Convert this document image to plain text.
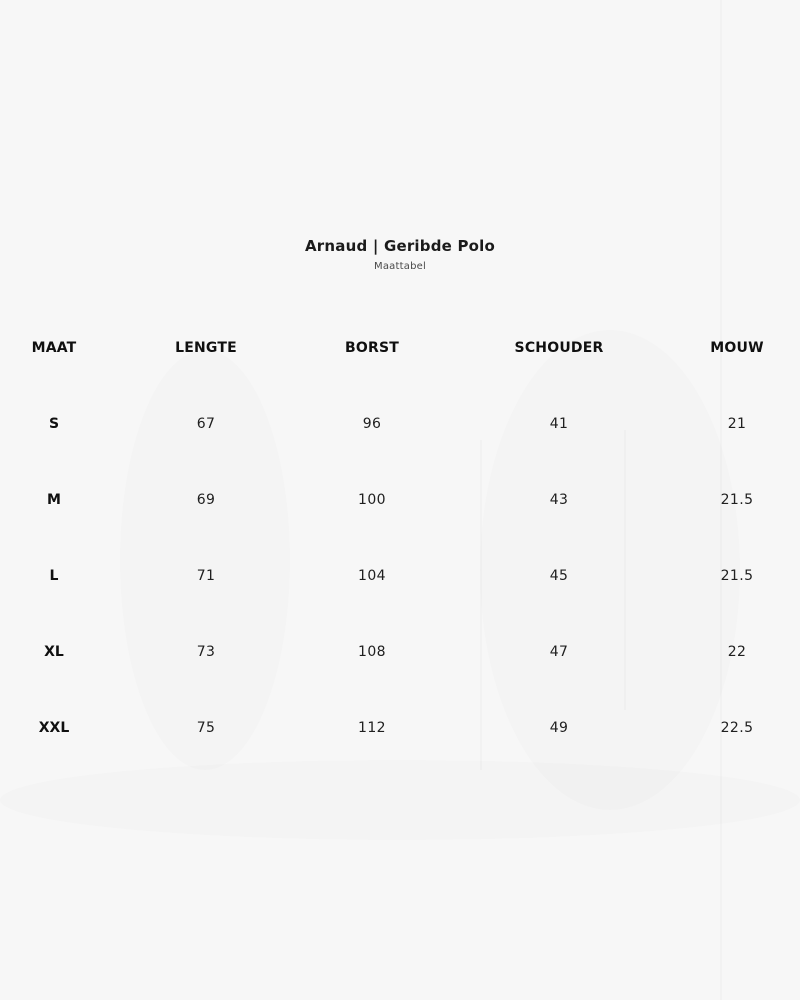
Arnaud | Geribde Polo
Maattabel
MAAT	LENGTE	BORST	SCHOUDER	MOUW
S	67	96	41	21
M	69	100	43	21.5
L	71	104	45	21.5
XL	73	108	47	22
XXL	75	112	49	22.5
